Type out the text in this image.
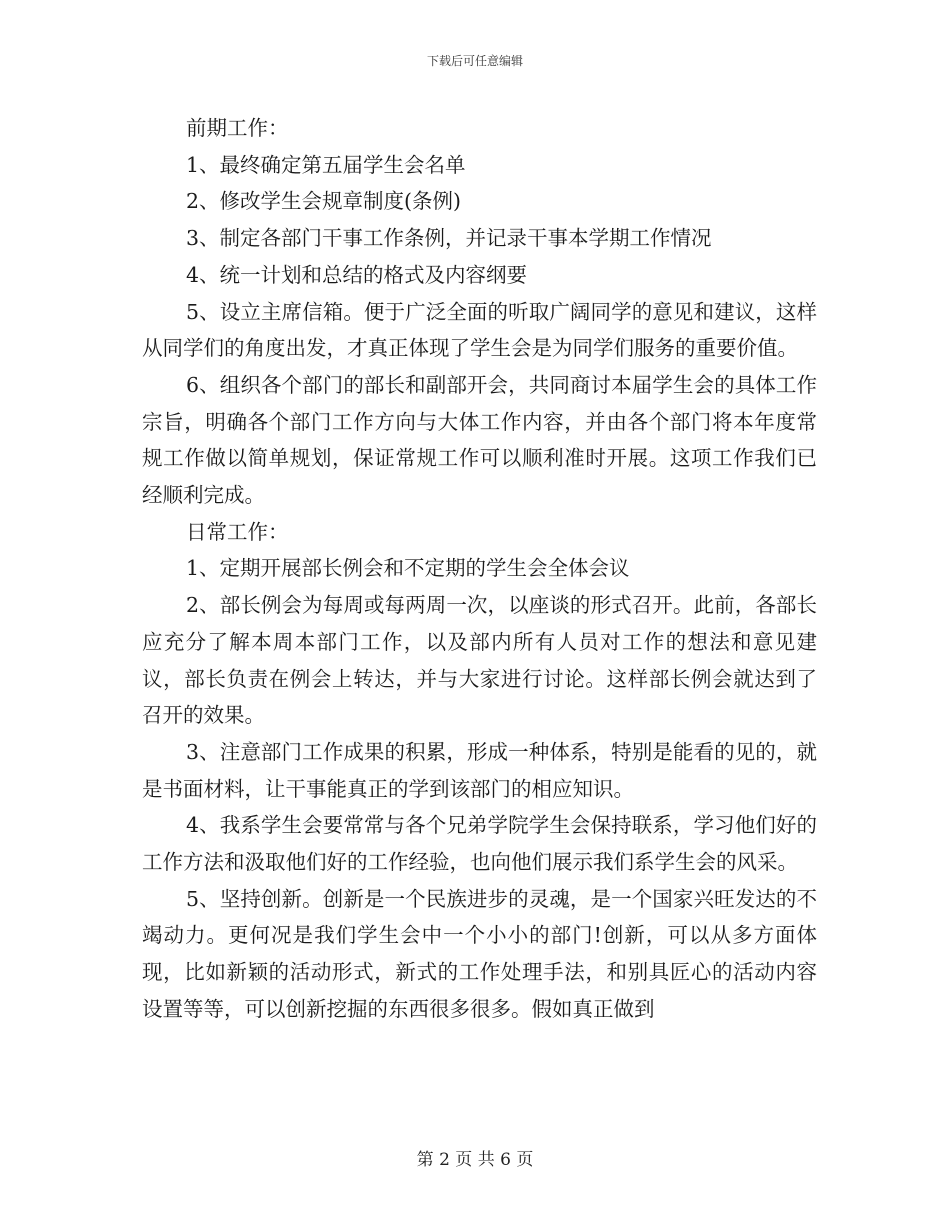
下载后可任意编辑

前期工作：

1、最终确定第五届学生会名单

2、修改学生会规章制度(条例)

3、制定各部门干事工作条例，并记录干事本学期工作情况

4、统一计划和总结的格式及内容纲要

5、设立主席信箱。便于广泛全面的听取广阔同学的意见和建议，这样从同学们的角度出发，才真正体现了学生会是为同学们服务的重要价值。

6、组织各个部门的部长和副部开会，共同商讨本届学生会的具体工作宗旨，明确各个部门工作方向与大体工作内容，并由各个部门将本年度常规工作做以简单规划，保证常规工作可以顺利准时开展。这项工作我们已经顺利完成。

日常工作：

1、定期开展部长例会和不定期的学生会全体会议

2、部长例会为每周或每两周一次，以座谈的形式召开。此前，各部长应充分了解本周本部门工作，以及部内所有人员对工作的想法和意见建议，部长负责在例会上转达，并与大家进行讨论。这样部长例会就达到了召开的效果。

3、注意部门工作成果的积累，形成一种体系，特别是能看的见的，就是书面材料，让干事能真正的学到该部门的相应知识。

4、我系学生会要常常与各个兄弟学院学生会保持联系，学习他们好的工作方法和汲取他们好的工作经验，也向他们展示我们系学生会的风采。

5、坚持创新。创新是一个民族进步的灵魂，是一个国家兴旺发达的不竭动力。更何况是我们学生会中一个小小的部门!创新，可以从多方面体现，比如新颖的活动形式，新式的工作处理手法，和别具匠心的活动内容设置等等，可以创新挖掘的东西很多很多。假如真正做到

第 2 页 共 6 页
